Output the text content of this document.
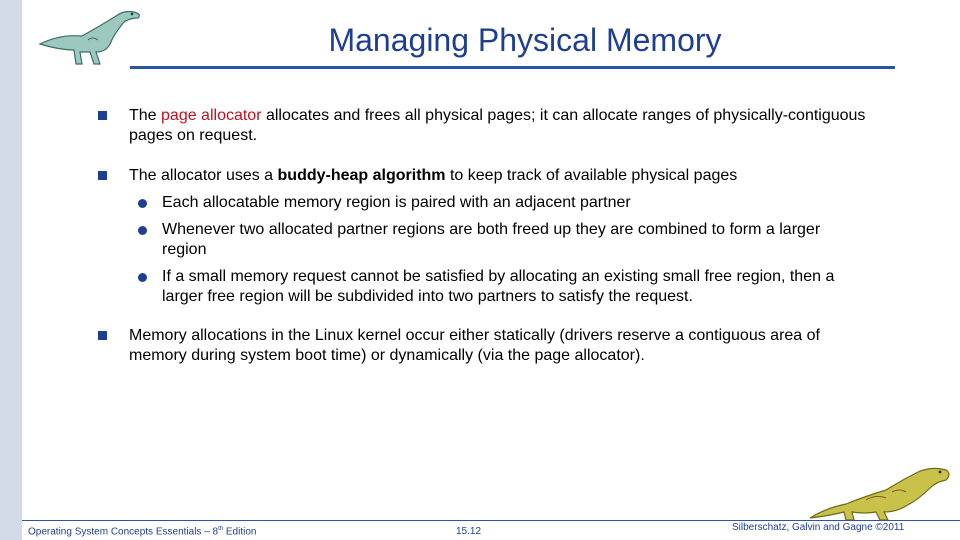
Managing Physical Memory
The page allocator allocates and frees all physical pages; it can allocate ranges of physically-contiguous pages on request.
The allocator uses a buddy-heap algorithm to keep track of available physical pages
Each allocatable memory region is paired with an adjacent partner
Whenever two allocated partner regions are both freed up they are combined to form a larger region
If a small memory request cannot be satisfied by allocating an existing small free region, then a larger free region will be subdivided into two partners to satisfy the request.
Memory allocations in the Linux kernel occur either statically (drivers reserve a contiguous area of memory during system boot time) or dynamically (via the page allocator).
Operating System Concepts Essentials – 8th Edition	15.12	Silberschatz, Galvin and Gagne ©2011
